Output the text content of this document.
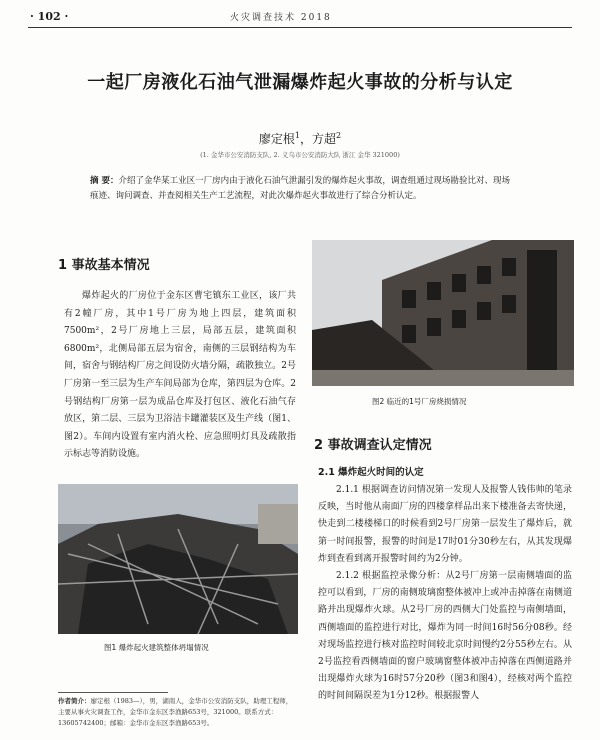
· 102 ·	火灾调查技术 2018
一起厂房液化石油气泄漏爆炸起火事故的分析与认定
廖定根$^1$，方超$^2$
(1. 金华市公安消防支队, 2. 义乌市公安消防大队 浙江 金华 321000)
摘 要：介绍了金华某工业区一厂房内由于液化石油气泄漏引发的爆炸起火事故，调查组通过现场勘验比对、现场痕迹、询问调查、并查阅相关生产工艺流程，对此次爆炸起火事故进行了综合分析认定。
1 事故基本情况
爆炸起火的厂房位于金东区曹宅镇东工业区，该厂共有2幢厂房，其中1号厂房为地上四层，建筑面积7500m²，2号厂房地上三层，局部五层，建筑面积6800m²，北侧局部五层为宿舍，南侧的三层钢结构为车间，宿舍与钢结构厂房之间设防火墙分隔，疏散独立。2号厂房第一至三层为生产车间局部为仓库，第四层为仓库。2号钢结构厂房第一层为成品仓库及打包区、液化石油气存放区，第二层、三层为卫浴洁卡罐灌装区及生产线（图1、图2）。车间内设置有室内消火栓、应急照明灯具及疏散指示标志等消防设施。
图1 爆炸起火建筑整体坍塌情况
图2 临近的1号厂房烧损情况
2 事故调查认定情况
2.1 爆炸起火时间的认定

2.1.1 根据调查访问情况第一发现人及报警人钱伟帅的笔录反映，当时他从南面厂房的四楼拿样品出来下楼准备去寄快递，快走到二楼楼梯口的时候看到2号厂房第一层发生了爆炸后，就第一时间报警，报警的时间是17时01分30秒左右，从其发现爆炸到查看到离开报警时间约为2分钟。

2.1.2 根据监控录像分析：从2号厂房第一层南侧墙面的监控可以看到，厂房的南侧玻璃窗整体被冲上或冲击掉落在南侧道路并出现爆炸火球。从2号厂房的西侧大门处监控与南侧墙面，西侧墙面的监控进行对比，爆炸为同一时间16时56分08秒。经对现场监控进行核对监控时间较北京时间慢约2分55秒左右。从2号监控看西侧墙面的窗户玻璃窗整体被冲击掉落在西侧道路并出现爆炸火球为16时57分20秒（图3和图4），经核对两个监控的时间间隔误差为1分12秒。根据报警人

作者简介：廖定根（1983—），男，湖南人，金华市公安消防支队，助理工程师，主要从事火灾调查工作，金华市金东区李渔路653号，321000。联系方式：13605742400；邮箱：金华市金东区李渔路653号。
